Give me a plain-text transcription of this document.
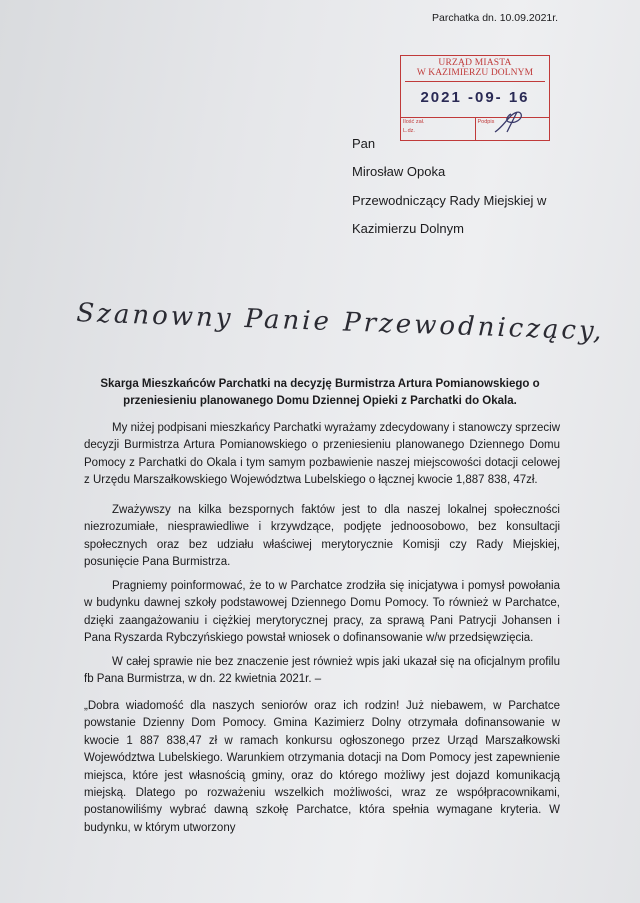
Parchatka dn. 10.09.2021r.
URZĄD MIASTA
W KAZIMIERZU DOLNYM
2021 -09- 16
Ilość zał.
L.dz.
Podpis
Pan
Mirosław Opoka
Przewodniczący Rady Miejskiej w
Kazimierzu Dolnym
Szanowny Panie Przewodniczący,
Skarga Mieszkańców Parchatki na decyzję Burmistrza Artura Pomianowskiego o przeniesieniu planowanego Domu Dziennej Opieki z Parchatki do Okala.
My niżej podpisani mieszkańcy Parchatki wyrażamy zdecydowany i stanowczy sprzeciw decyzji Burmistrza Artura Pomianowskiego o przeniesieniu planowanego Dziennego Domu Pomocy z Parchatki do Okala i tym samym pozbawienie naszej miejscowości dotacji celowej z Urzędu Marszałkowskiego Województwa Lubelskiego o łącznej kwocie 1,887 838, 47zł.
Zważywszy na kilka bezspornych faktów jest to dla naszej lokalnej społeczności niezrozumiałe, niesprawiedliwe i krzywdzące, podjęte jednoosobowo, bez konsultacji społecznych oraz bez udziału właściwej merytorycznie Komisji czy Rady Miejskiej, posunięcie Pana Burmistrza.
Pragniemy poinformować, że to w Parchatce zrodziła się inicjatywa i pomysł powołania w budynku dawnej szkoły podstawowej Dziennego Domu Pomocy. To również w Parchatce, dzięki zaangażowaniu i ciężkiej merytorycznej pracy, za sprawą Pani Patrycji Johansen i Pana Ryszarda Rybczyńskiego powstał wniosek o dofinansowanie w/w przedsięwzięcia.
W całej sprawie nie bez znaczenie jest również wpis jaki ukazał się na oficjalnym profilu fb Pana Burmistrza, w dn. 22 kwietnia 2021r. –
„Dobra wiadomość dla naszych seniorów oraz ich rodzin! Już niebawem, w Parchatce powstanie Dzienny Dom Pomocy. Gmina Kazimierz Dolny otrzymała dofinansowanie w kwocie 1 887 838,47 zł w ramach konkursu ogłoszonego przez Urząd Marszałkowski Województwa Lubelskiego. Warunkiem otrzymania dotacji na Dom Pomocy jest zapewnienie miejsca, które jest własnością gminy, oraz do którego możliwy jest dojazd komunikacją miejską. Dlatego po rozważeniu wszelkich możliwości, wraz ze współpracownikami, postanowiliśmy wybrać dawną szkołę Parchatce, która spełnia wymagane kryteria. W budynku, w którym utworzony
